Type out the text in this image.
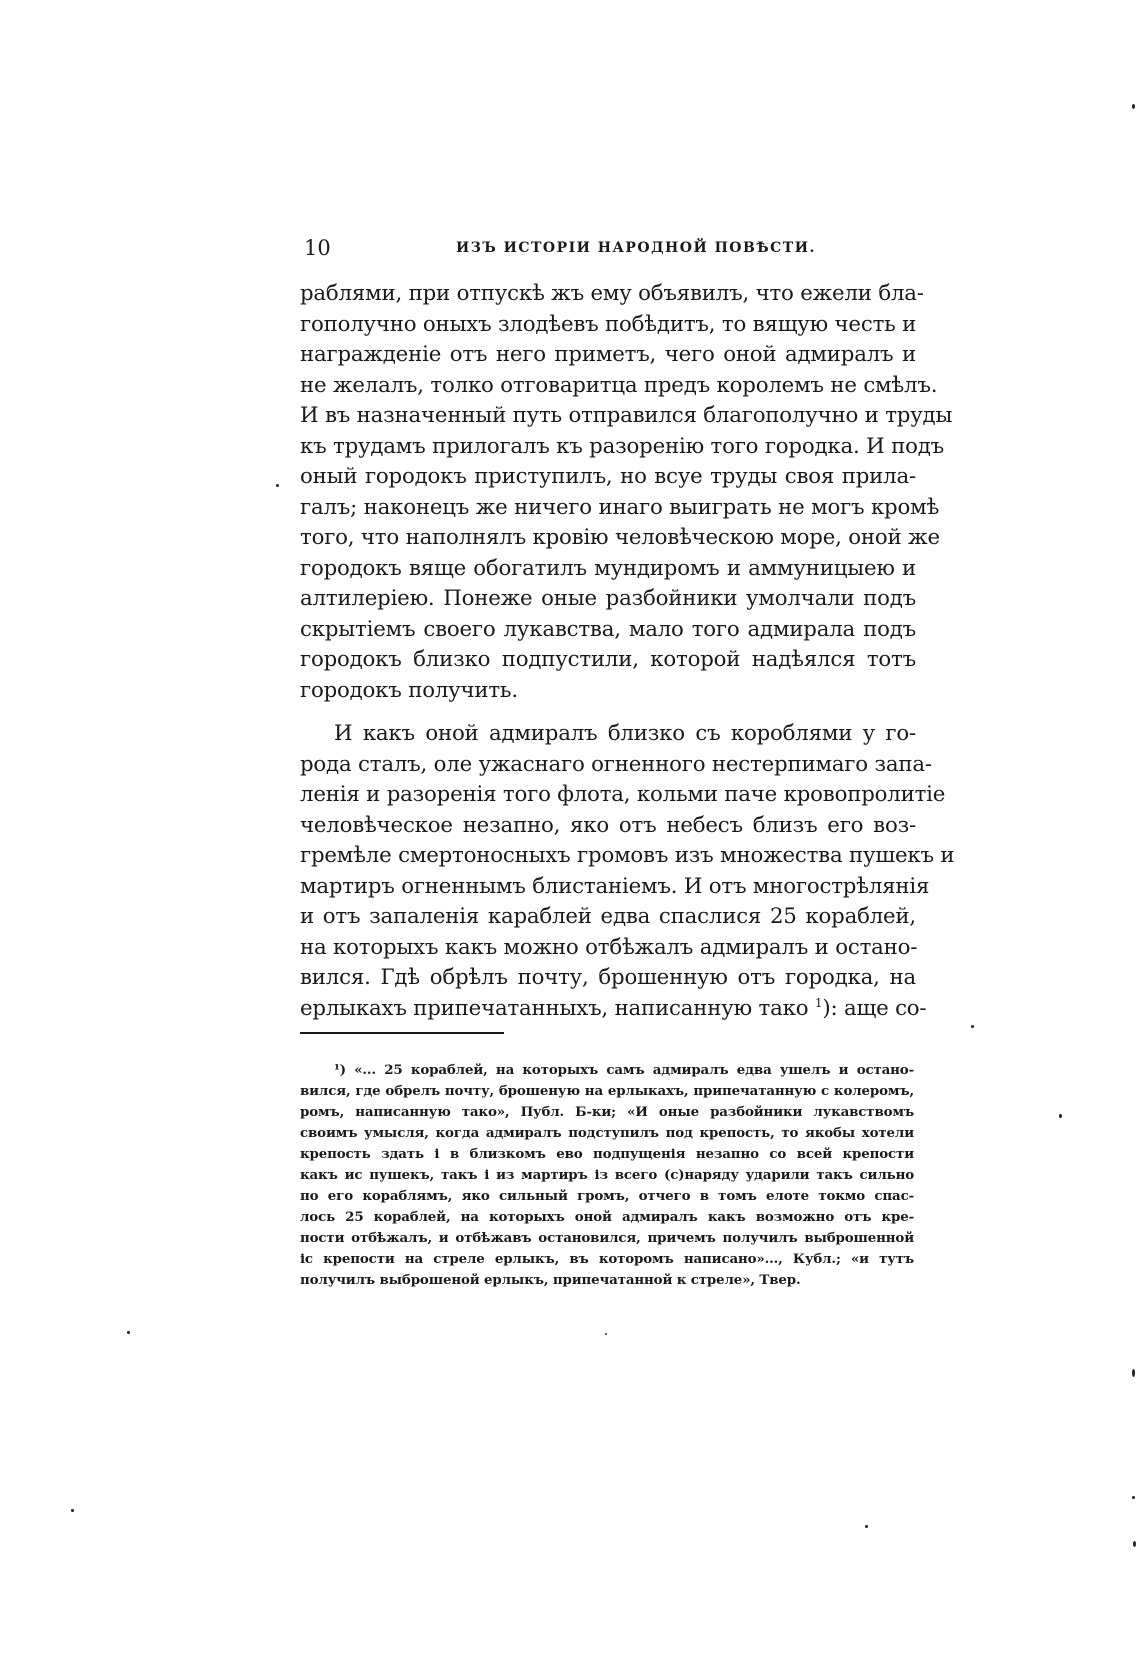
10	ИЗЪ ИСТОРІИ НАРОДНОЙ ПОВѢСТИ.
раблями, при отпускѣ жъ ему объявилъ, что ежели бла-
гополучно оныхъ злодѣевъ побѣдитъ, то вящую честь и
награжденіе отъ него приметъ, чего оной адмиралъ и
не желалъ, толко отговаритца предъ королемъ не смѣлъ.
И въ назначенный путь отправился благополучно и труды
къ трудамъ прилогалъ къ разоренію того городка. И подъ
оный городокъ приступилъ, но всуе труды своя прила-
галъ; наконецъ же ничего инаго выиграть не могъ кромѣ
того, что наполнялъ кровію человѣческою море, оной же
городокъ вяще обогатилъ мундиромъ и аммуницыею и
алтилеріею. Понеже оные разбойники умолчали подъ
скрытіемъ своего лукавства, мало того адмирала подъ
городокъ близко подпустили, которой надѣялся тотъ
городокъ получить.
И какъ оной адмиралъ близко съ короблями у го-
рода сталъ, оле ужаснаго огненного нестерпимаго запа-
ленія и разоренія того флота, кольми паче кровопролитіе
человѣческое незапно, яко отъ небесъ близъ его воз-
гремѣле смертоносныхъ громовъ изъ множества пушекъ и
мартиръ огненнымъ блистаніемъ. И отъ многострѣлянія
и отъ запаленія караблей едва спаслися 25 кораблей,
на которыхъ какъ можно отбѣжалъ адмиралъ и остано-
вился. Гдѣ обрѣлъ почту, брошенную отъ городка, на
ерлыкахъ припечатанныхъ, написанную тако $^1$): аще со-
¹) «... 25 кораблей, на которыхъ самъ адмиралъ едва ушелъ и остано-
вился, где обрелъ почту, брошеную на ерлыкахъ, припечатанную с колеромъ,
ромъ, написанную тако», Публ. Б-ки; «И оные разбойники лукавствомъ
своимъ умысля, когда адмиралъ подступилъ под крепость, то якобы хотели
крепость здать і в близкомъ ево подпущенія незапно со всей крепости
какъ ис пушекъ, такъ і из мартиръ із всего (с)наряду ударили такъ сильно
по его кораблямъ, яко сильный громъ, отчего в томъ елоте токмо спас-
лось 25 кораблей, на которыхъ оной адмиралъ какъ возможно отъ кре-
пости отбѣжалъ, и отбѣжавъ остановился, причемъ получилъ выброшенной
іс крепости на стреле ерлыкъ, въ которомъ написано»..., Кубл.; «и тутъ
получилъ выброшеной ерлыкъ, припечатанной к стреле», Твер.
